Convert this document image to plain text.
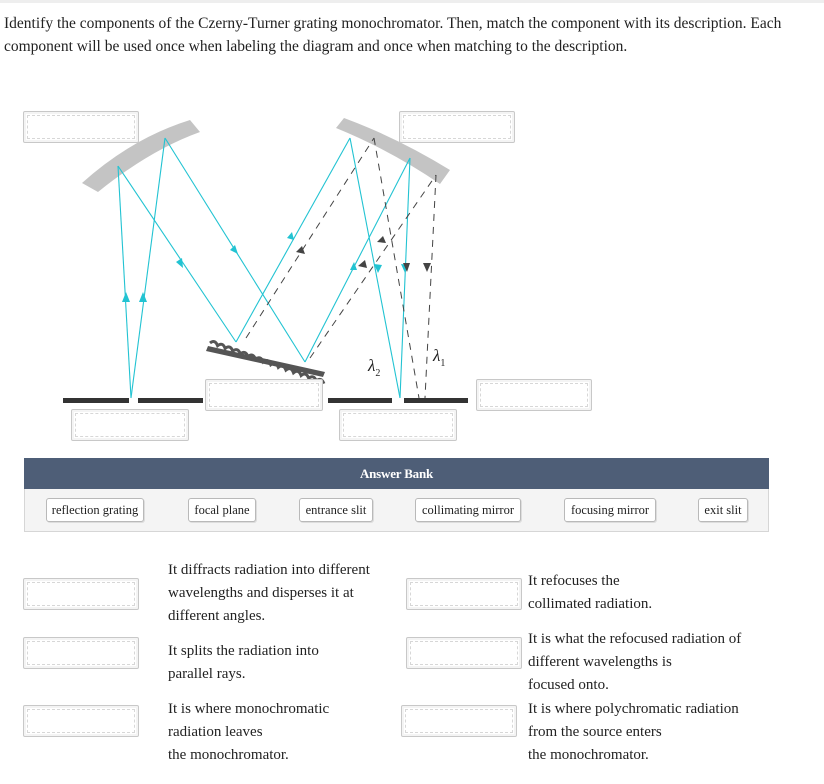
Identify the components of the Czerny-Turner grating monochromator. Then, match the component with its description. Each component will be used once when labeling the diagram and once when matching to the description.
$\lambda_2$
$\lambda_1$
Answer Bank
reflection grating	focal plane	entrance slit	collimating mirror	focusing mirror	exit slit
It diffracts radiation into different
wavelengths and disperses it at
different angles.
It refocuses the
collimated radiation.
It splits the radiation into
parallel rays.
It is what the refocused radiation of
different wavelengths is
focused onto.
It is where monochromatic
radiation leaves
the monochromator.
It is where polychromatic radiation
from the source enters
the monochromator.
